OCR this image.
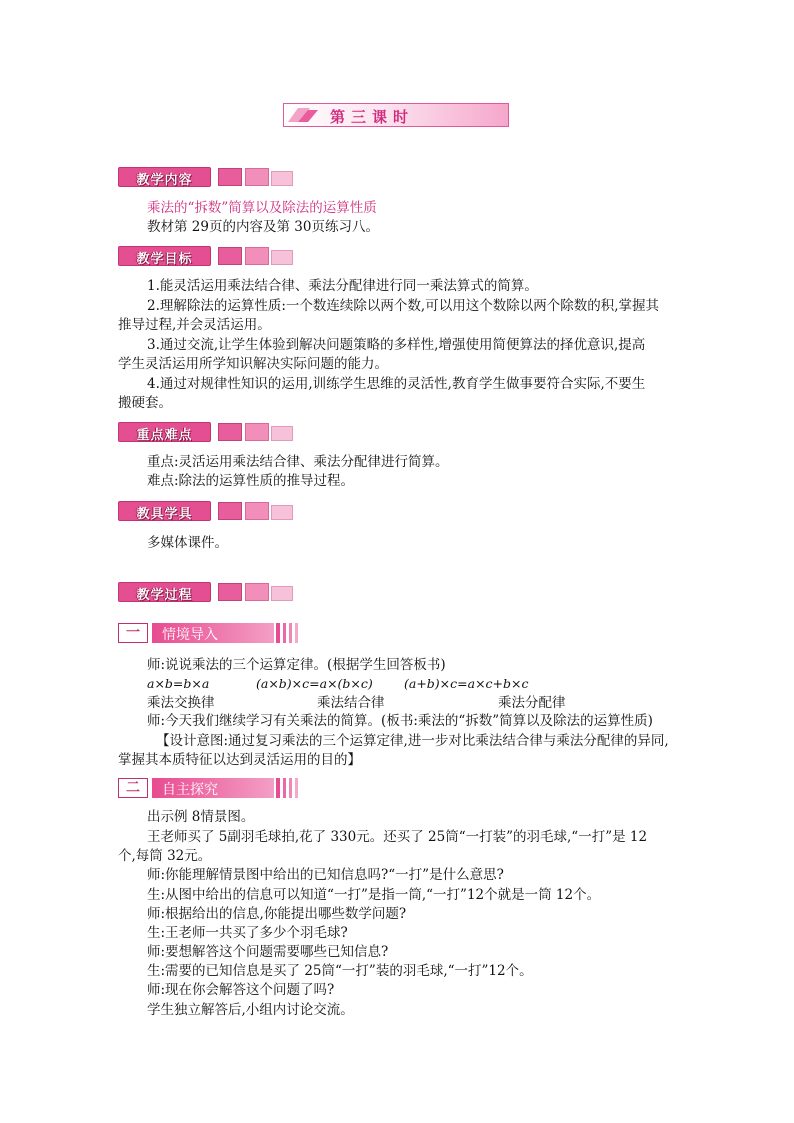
第三课时
教学内容
乘法的“拆数”简算以及除法的运算性质
教材第 29页的内容及第 30页练习八。
教学目标
1.能灵活运用乘法结合律、乘法分配律进行同一乘法算式的简算。
2.理解除法的运算性质:一个数连续除以两个数,可以用这个数除以两个除数的积,掌握其
推导过程,并会灵活运用。
3.通过交流,让学生体验到解决问题策略的多样性,增强使用简便算法的择优意识,提高
学生灵活运用所学知识解决实际问题的能力。
4.通过对规律性知识的运用,训练学生思维的灵活性,教育学生做事要符合实际,不要生
搬硬套。
重点难点
重点:灵活运用乘法结合律、乘法分配律进行简算。
难点:除法的运算性质的推导过程。
教具学具
多媒体课件。
教学过程
一	情境导入
师:说说乘法的三个运算定律。(根据学生回答板书)
a×b=b×a	(a×b)×c=a×(b×c) (a+b)×c=a×c+b×c
乘法交换律	乘法结合律	乘法分配律
师:今天我们继续学习有关乘法的简算。(板书:乘法的“拆数”简算以及除法的运算性质)
【设计意图:通过复习乘法的三个运算定律,进一步对比乘法结合律与乘法分配律的异同,
掌握其本质特征以达到灵活运用的目的】
二	自主探究
出示例 8情景图。
王老师买了 5副羽毛球拍,花了 330元。还买了 25筒“一打装”的羽毛球,“一打”是 12
个,每筒 32元。
师:你能理解情景图中给出的已知信息吗?“一打”是什么意思?
生:从图中给出的信息可以知道“一打”是指一筒,“一打”12个就是一筒 12个。
师:根据给出的信息,你能提出哪些数学问题?
生:王老师一共买了多少个羽毛球?
师:要想解答这个问题需要哪些已知信息?
生:需要的已知信息是买了 25筒“一打”装的羽毛球,“一打”12个。
师:现在你会解答这个问题了吗?
学生独立解答后,小组内讨论交流。
